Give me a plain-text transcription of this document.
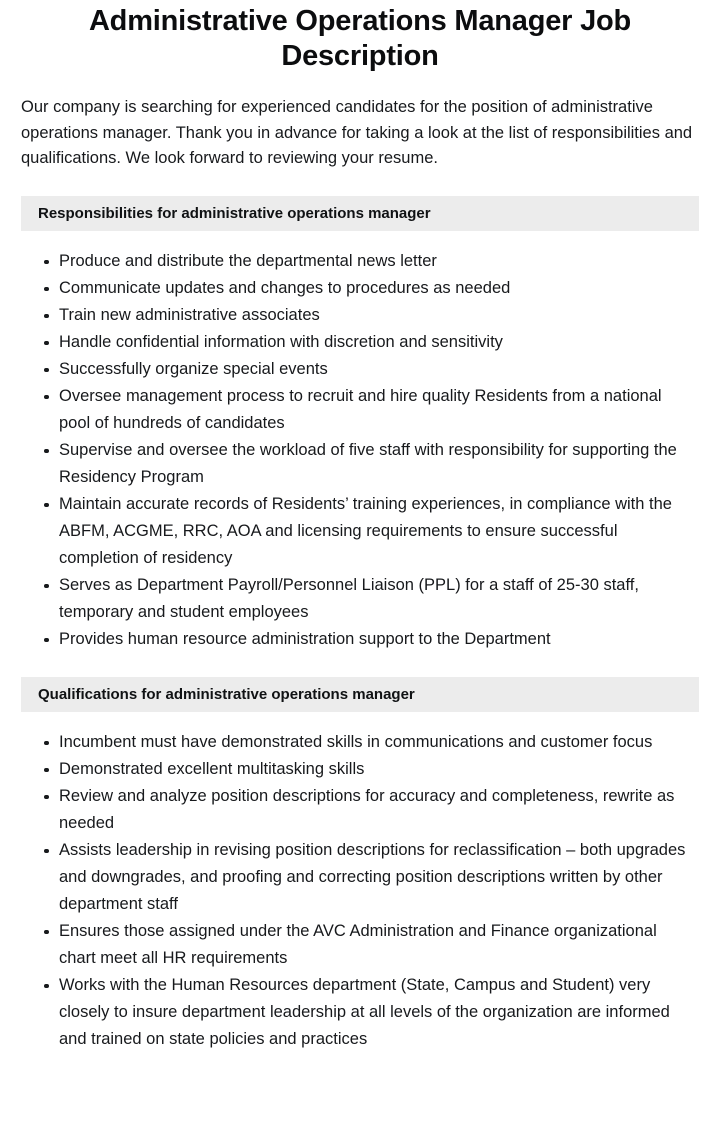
Administrative Operations Manager Job Description

Our company is searching for experienced candidates for the position of administrative operations manager. Thank you in advance for taking a look at the list of responsibilities and qualifications. We look forward to reviewing your resume.

Responsibilities for administrative operations manager
Produce and distribute the departmental news letter
Communicate updates and changes to procedures as needed
Train new administrative associates
Handle confidential information with discretion and sensitivity
Successfully organize special events
Oversee management process to recruit and hire quality Residents from a national pool of hundreds of candidates
Supervise and oversee the workload of five staff with responsibility for supporting the Residency Program
Maintain accurate records of Residents’ training experiences, in compliance with the ABFM, ACGME, RRC, AOA and licensing requirements to ensure successful completion of residency
Serves as Department Payroll/Personnel Liaison (PPL) for a staff of 25-30 staff, temporary and student employees
Provides human resource administration support to the Department
Qualifications for administrative operations manager
Incumbent must have demonstrated skills in communications and customer focus
Demonstrated excellent multitasking skills
Review and analyze position descriptions for accuracy and completeness, rewrite as needed
Assists leadership in revising position descriptions for reclassification – both upgrades and downgrades, and proofing and correcting position descriptions written by other department staff
Ensures those assigned under the AVC Administration and Finance organizational chart meet all HR requirements
Works with the Human Resources department (State, Campus and Student) very closely to insure department leadership at all levels of the organization are informed and trained on state policies and practices
